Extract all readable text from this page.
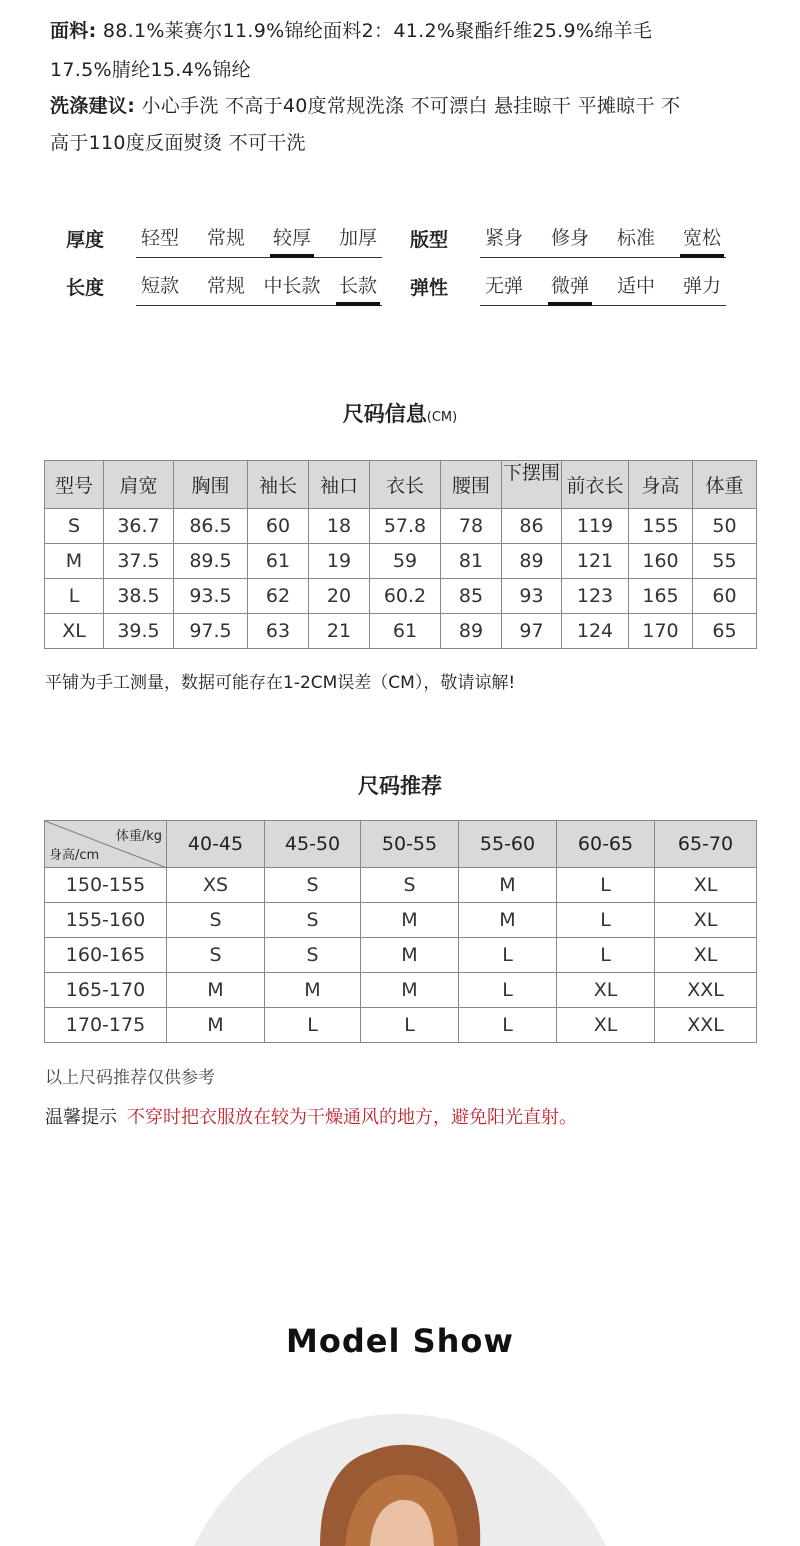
面料: 88.1%莱赛尔11.9%锦纶面料2：41.2%聚酯纤维25.9%绵羊毛
17.5%腈纶15.4%锦纶
洗涤建议: 小心手洗 不高于40度常规洗涤 不可漂白 悬挂晾干 平摊晾干 不
高于110度反面熨烫 不可干洗
厚度 轻型 常规 较厚 加厚 版型 紧身 修身 标准 宽松
长度 短款 常规 中长款 长款 弹性 无弹 微弹 适中 弹力
尺码信息(CM)
型号	肩宽	胸围	袖长	袖口	衣长	腰围	下摆围	前衣长	身高	体重
S	36.7	86.5	60	18	57.8	78	86	119	155	50
M	37.5	89.5	61	19	59	81	89	121	160	55
L	38.5	93.5	62	20	60.2	85	93	123	165	60
XL	39.5	97.5	63	21	61	89	97	124	170	65
平铺为手工测量，数据可能存在1-2CM误差（CM），敬请谅解!
尺码推荐
体重/kg
身高/cm	40-45	45-50	50-55	55-60	60-65	65-70
150-155	XS	S	S	M	L	XL
155-160	S	S	M	M	L	XL
160-165	S	S	M	L	L	XL
165-170	M	M	M	L	XL	XXL
170-175	M	L	L	L	XL	XXL
以上尺码推荐仅供参考
温馨提示 不穿时把衣服放在较为干燥通风的地方，避免阳光直射。
Model Show
